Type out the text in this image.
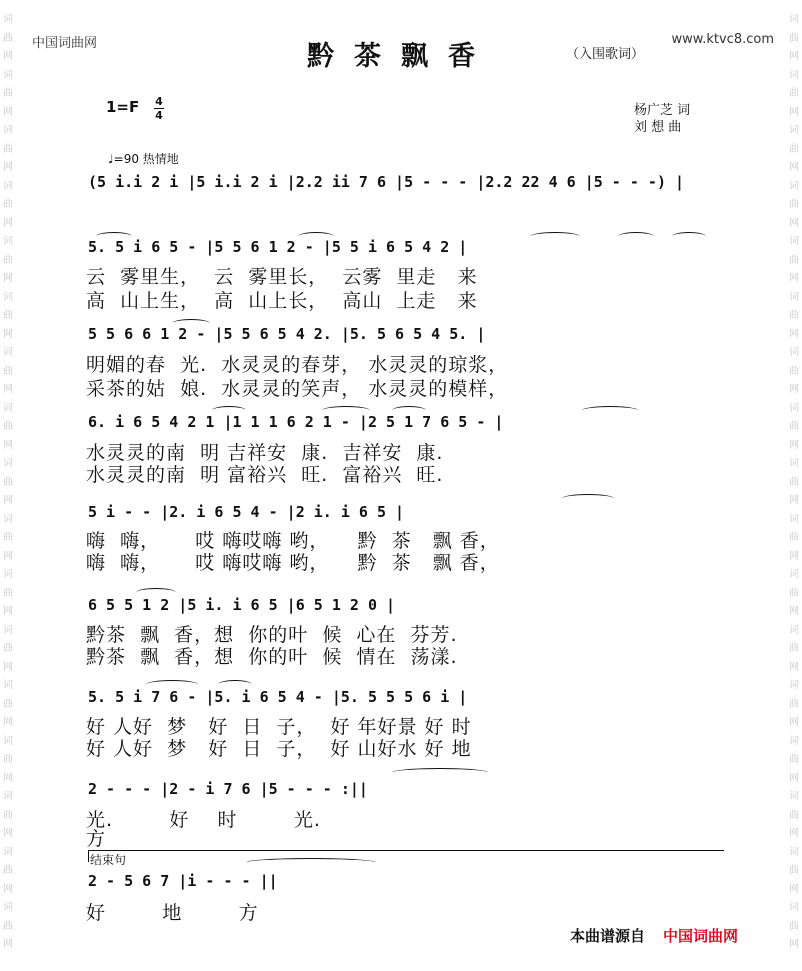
词
曲
网
词
曲
网
词
曲
网
词
曲
网
词
曲
网
词
曲
网
词
曲
网
词
曲
网
词
曲
网
词
曲
网
词
曲
网
词
曲
网
词
曲
网
词
曲
网
词
曲
网
词
曲
网
词
曲
网
词
曲
网
词
曲
网
词
曲
网
词
曲
网
词
曲
网
词
曲
网
词
曲
网
词
曲
网
词
曲
网
词
曲
网
词
曲
网
词
曲
网
词
曲
网
词
曲
网
词
曲
网
词
曲
网
词
曲
网
中国词曲网	www.ktvc8.com
黔茶飘香	（入围歌词）
1=F 4
4	杨广芝 词
刘 想 曲
♩=90 热情地
(5 i.i 2 i |5 i.i 2 i |2.2 ii 7 6 |5 - - - |2.2 22 4 6 |5 - - -) |
5. 5 i 6 5 - |5 5 6 1 2 - |5 5 i 6 5 4 2 |
云  雾里生，  云  雾里长，  云雾  里走   来
高  山上生，  高  山上长，  高山  上走   来
5 5 6 6 1 2 - |5 5 6 5 4 2. |5. 5 6 5 4 5. |
明媚的春  光.  水灵灵的春芽， 水灵灵的琼浆，
采茶的姑  娘.  水灵灵的笑声， 水灵灵的模样，
6. i 6 5 4 2 1 |1 1 1 6 2 1 - |2 5 1 7 6 5 - |
水灵灵的南  明 吉祥安  康.  吉祥安  康.
水灵灵的南  明 富裕兴  旺.  富裕兴  旺.
5 i - - |2. i 6 5 4 - |2 i. i 6 5 |
嗨  嗨，     哎 嗨哎嗨 哟，    黔  茶   飘 香，
嗨  嗨，     哎 嗨哎嗨 哟，    黔  茶   飘 香，
6 5 5 1 2 |5 i. i 6 5 |6 5 1 2 0 |
黔茶  飘  香，想  你的叶  候  心在  芬芳.
黔茶  飘  香，想  你的叶  候  情在  荡漾.
5. 5 i 7 6 - |5. i 6 5 4 - |5. 5 5 5 6 i |
好 人好  梦   好  日  子，  好 年好景 好 时
好 人好  梦   好  日  子，  好 山好水 好 地
2 - - - |2 - i 7 6 |5 - - - :||
光.        好    时        光.
方
结束句
2 - 5 6 7 |i - - - ||
好        地        方
本曲谱源自 中国词曲网
